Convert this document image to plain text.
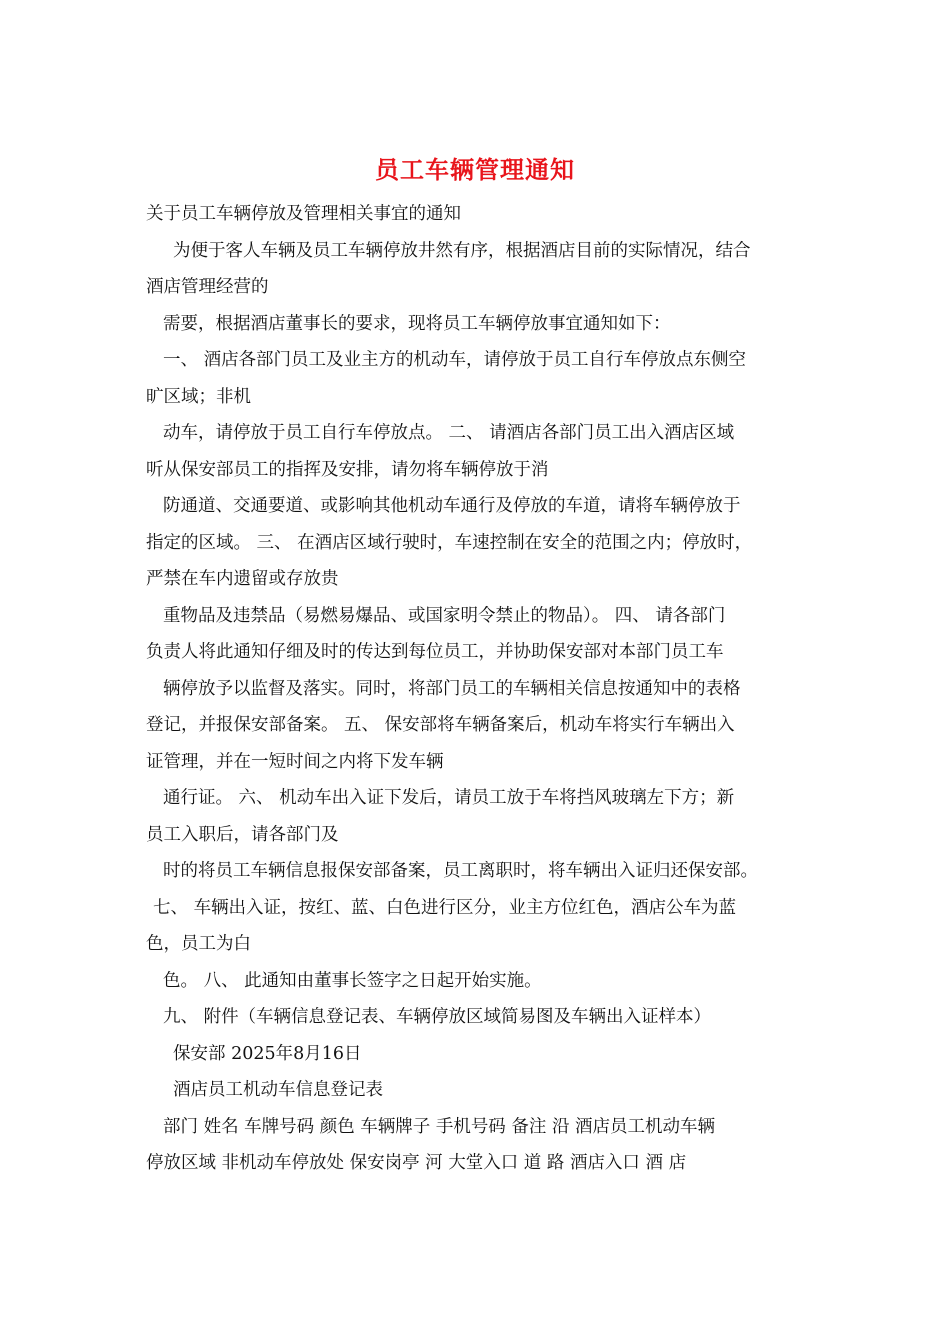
员工车辆管理通知
关于员工车辆停放及管理相关事宜的通知
为便于客人车辆及员工车辆停放井然有序，根据酒店目前的实际情况，结合
酒店管理经营的
需要，根据酒店董事长的要求，现将员工车辆停放事宜通知如下：
一、 酒店各部门员工及业主方的机动车，请停放于员工自行车停放点东侧空
旷区域；非机
动车，请停放于员工自行车停放点。 二、 请酒店各部门员工出入酒店区域
听从保安部员工的指挥及安排，请勿将车辆停放于消
防通道、交通要道、或影响其他机动车通行及停放的车道，请将车辆停放于
指定的区域。 三、 在酒店区域行驶时，车速控制在安全的范围之内；停放时，
严禁在车内遗留或存放贵
重物品及违禁品（易燃易爆品、或国家明令禁止的物品）。 四、 请各部门
负责人将此通知仔细及时的传达到每位员工，并协助保安部对本部门员工车
辆停放予以监督及落实。同时，将部门员工的车辆相关信息按通知中的表格
登记，并报保安部备案。 五、 保安部将车辆备案后，机动车将实行车辆出入
证管理，并在一短时间之内将下发车辆
通行证。 六、 机动车出入证下发后，请员工放于车将挡风玻璃左下方；新
员工入职后，请各部门及
时的将员工车辆信息报保安部备案，员工离职时，将车辆出入证归还保安部。
七、 车辆出入证，按红、蓝、白色进行区分，业主方位红色，酒店公车为蓝
色，员工为白
色。 八、 此通知由董事长签字之日起开始实施。
九、 附件（车辆信息登记表、车辆停放区域简易图及车辆出入证样本）
保安部 2025年8月16日
酒店员工机动车信息登记表
部门 姓名 车牌号码 颜色 车辆牌子 手机号码 备注 沿 酒店员工机动车辆
停放区域 非机动车停放处 保安岗亭 河 大堂入口 道 路 酒店入口 酒 店
